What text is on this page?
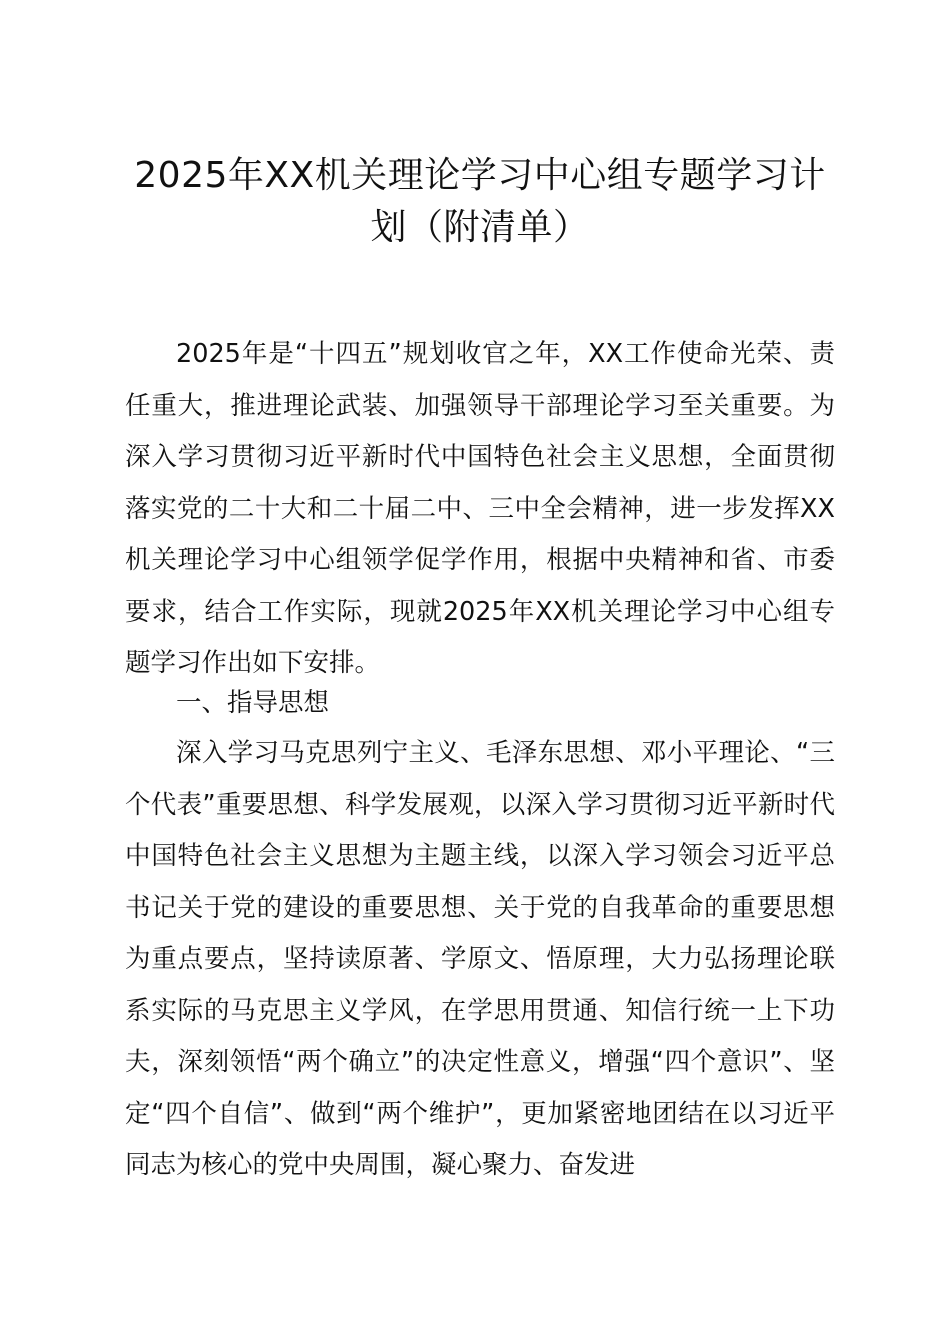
2025年XX机关理论学习中心组专题学习计划（附清单）

2025年是“十四五”规划收官之年，XX工作使命光荣、责任重大，推进理论武装、加强领导干部理论学习至关重要。为深入学习贯彻习近平新时代中国特色社会主义思想，全面贯彻落实党的二十大和二十届二中、三中全会精神，进一步发挥XX机关理论学习中心组领学促学作用，根据中央精神和省、市委要求，结合工作实际，现就2025年XX机关理论学习中心组专题学习作出如下安排。

一、指导思想

深入学习马克思列宁主义、毛泽东思想、邓小平理论、“三个代表”重要思想、科学发展观，以深入学习贯彻习近平新时代中国特色社会主义思想为主题主线，以深入学习领会习近平总书记关于党的建设的重要思想、关于党的自我革命的重要思想为重点要点，坚持读原著、学原文、悟原理，大力弘扬理论联系实际的马克思主义学风，在学思用贯通、知信行统一上下功夫，深刻领悟“两个确立”的决定性意义，增强“四个意识”、坚定“四个自信”、做到“两个维护”，更加紧密地团结在以习近平同志为核心的党中央周围，凝心聚力、奋发进
